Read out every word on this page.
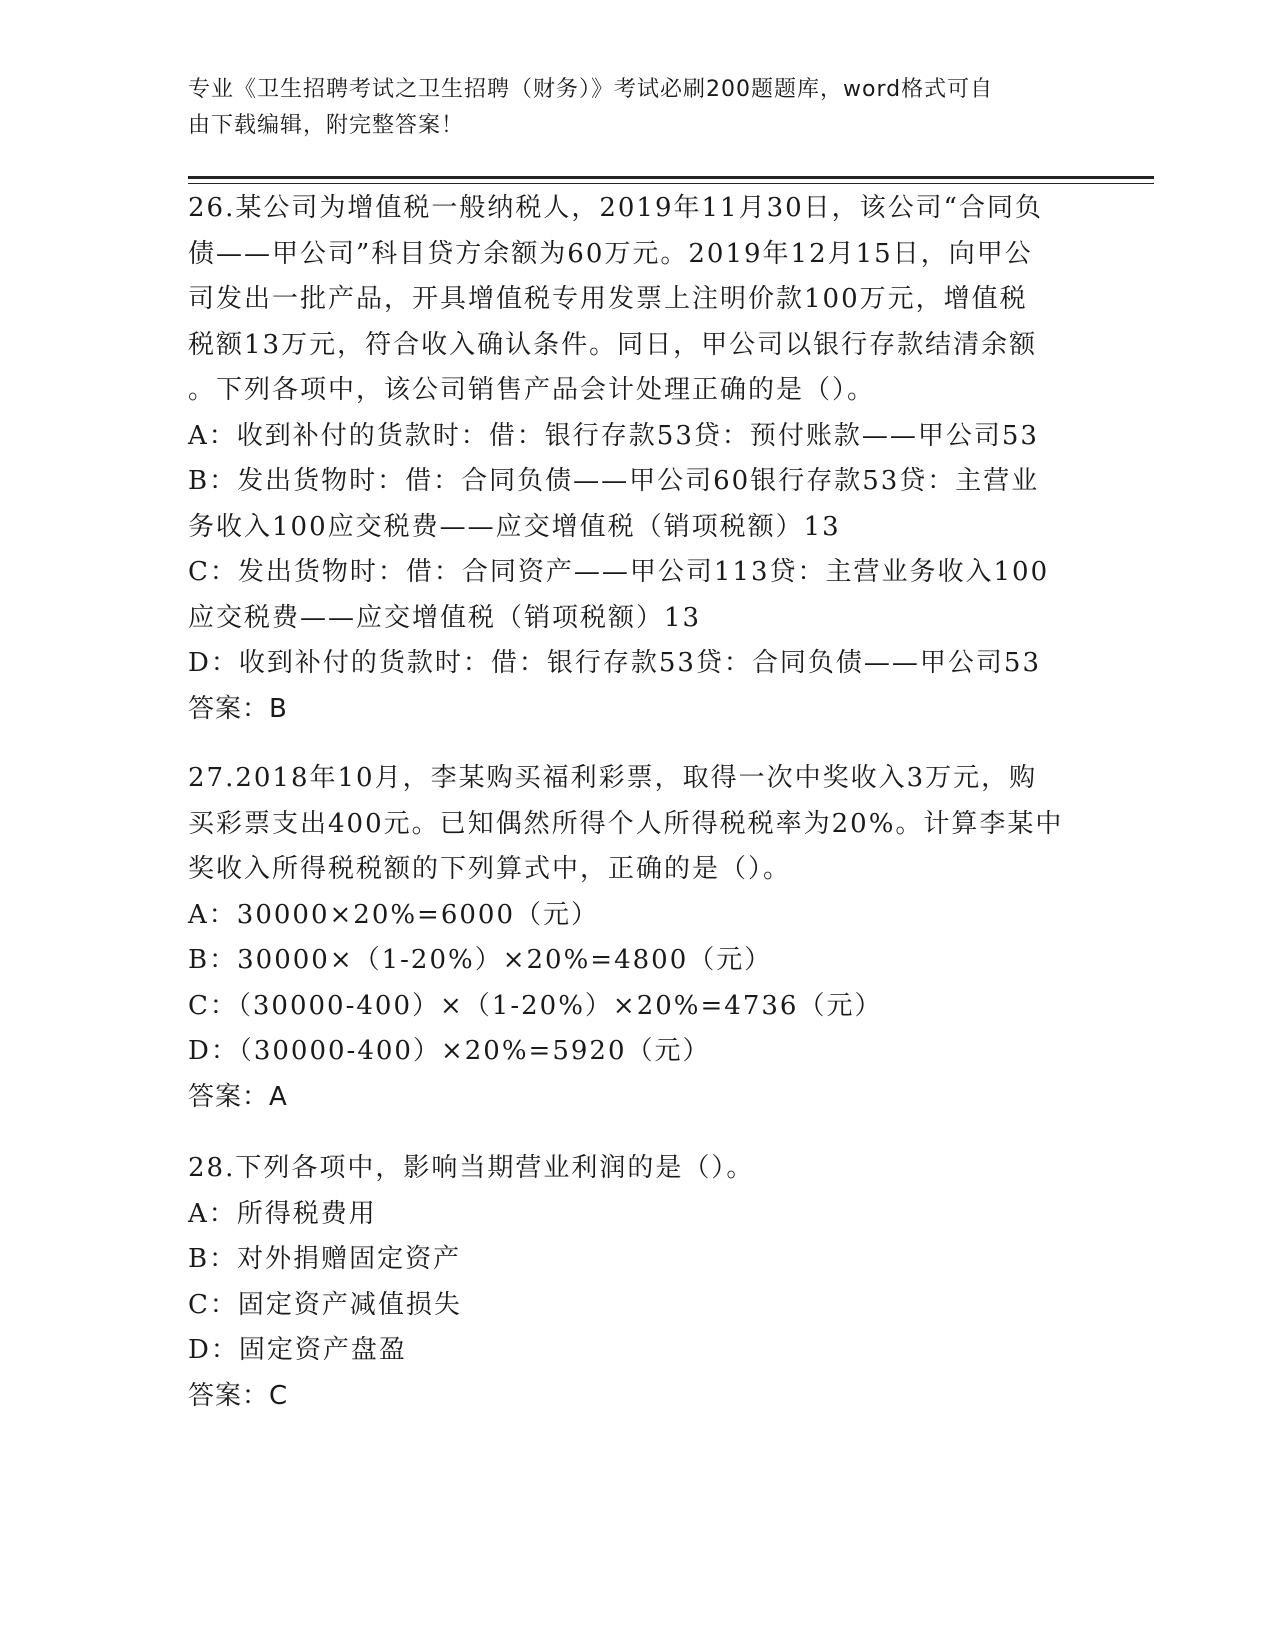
专业《卫生招聘考试之卫生招聘（财务）》考试必刷200题题库，word格式可自
由下载编辑，附完整答案！
26.某公司为增值税一般纳税人，2019年11月30日，该公司“合同负
债——甲公司”科目贷方余额为60万元。2019年12月15日，向甲公
司发出一批产品，开具增值税专用发票上注明价款100万元，增值税
税额13万元，符合收入确认条件。同日，甲公司以银行存款结清余额
。下列各项中，该公司销售产品会计处理正确的是（）。
A：收到补付的货款时：借：银行存款53贷：预付账款——甲公司53
B：发出货物时：借：合同负债——甲公司60银行存款53贷：主营业
务收入100应交税费——应交增值税（销项税额）13
C：发出货物时：借：合同资产——甲公司113贷：主营业务收入100
应交税费——应交增值税（销项税额）13
D：收到补付的货款时：借：银行存款53贷：合同负债——甲公司53
答案：B
27.2018年10月，李某购买福利彩票，取得一次中奖收入3万元，购
买彩票支出400元。已知偶然所得个人所得税税率为20%。计算李某中
奖收入所得税税额的下列算式中，正确的是（）。
A：30000×20%=6000（元）
B：30000×（1-20%）×20%=4800（元）
C：（30000-400）×（1-20%）×20%=4736（元）
D：（30000-400）×20%=5920（元）
答案：A
28.下列各项中，影响当期营业利润的是（）。
A：所得税费用
B：对外捐赠固定资产
C：固定资产减值损失
D：固定资产盘盈
答案：C
